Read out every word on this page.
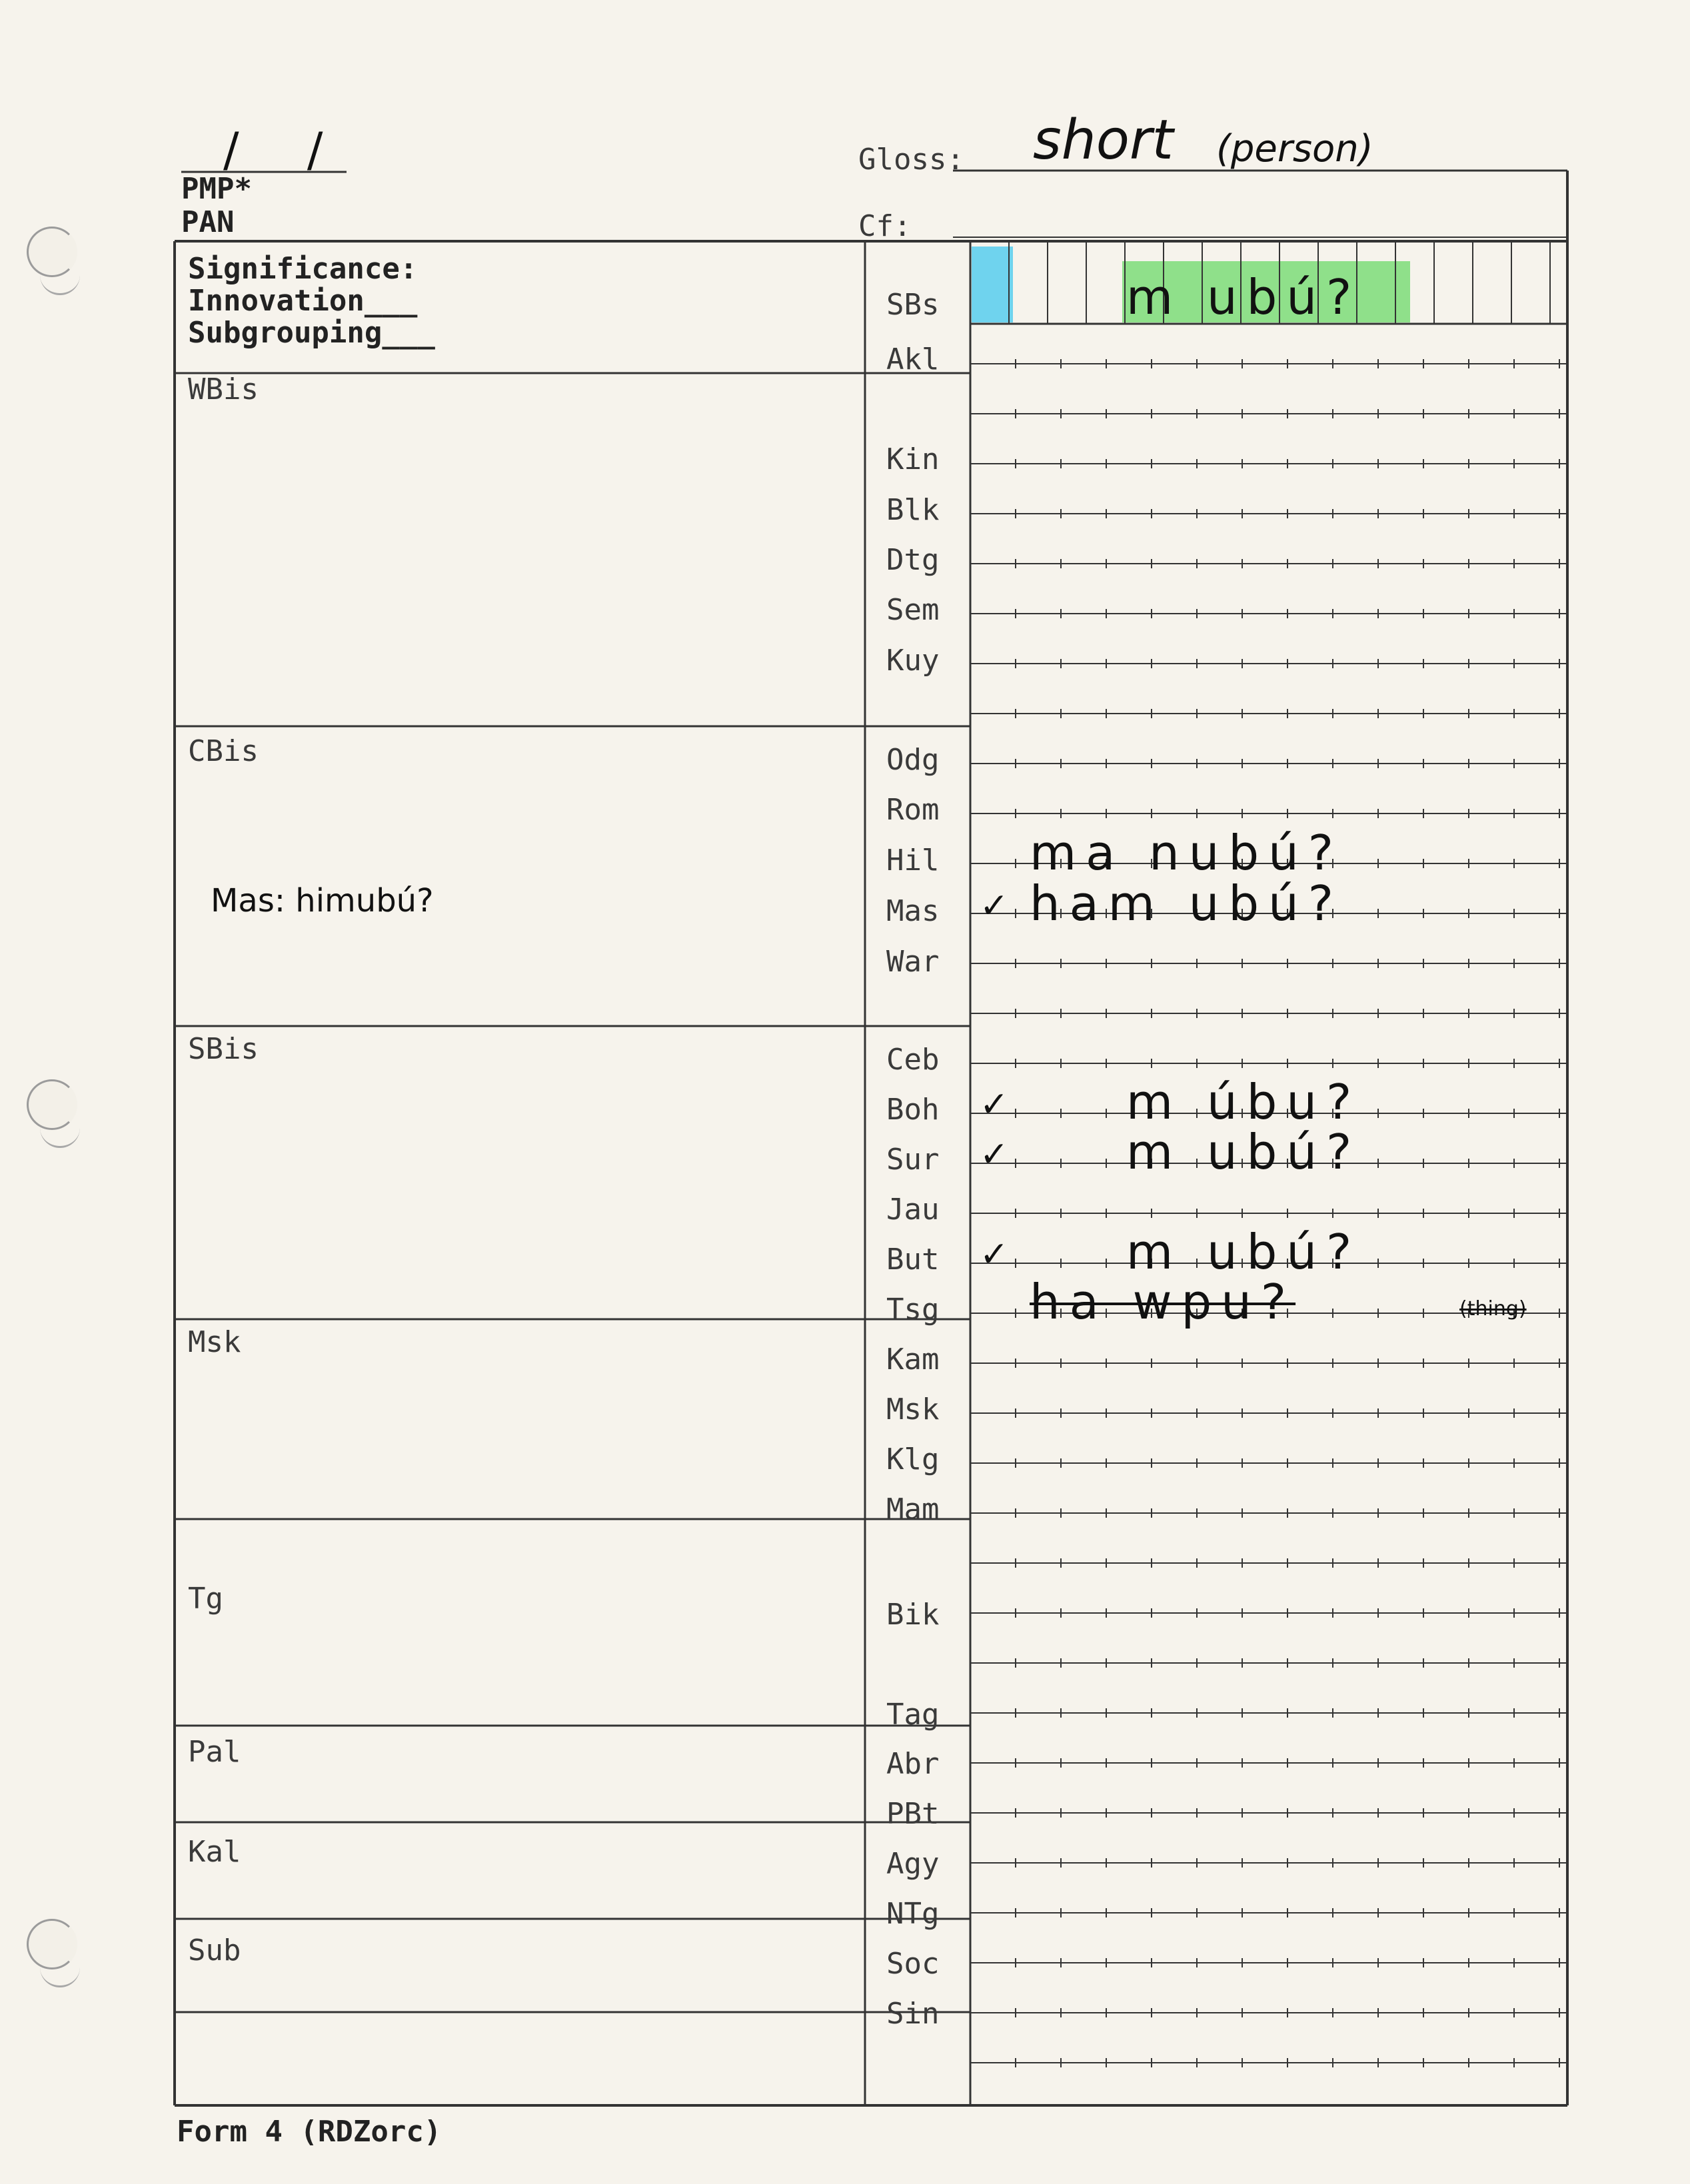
/ /
PMP*
PAN
Gloss: short (person)
Cf:
Significance:
Innovation___
Subgrouping___
WBis
CBis
Mas: himubú?
SBis
Msk
Tg
Pal
Kal
Sub
SBs	m ubú?
Akl
Kin
Blk
Dtg
Sem
Kuy
Odg
Rom
Hil ma nubú?
Mas ✓ ham ubú?
War
Ceb
Boh ✓ m úbu?
Sur ✓ m ubú?
Jau
But ✓ m ubú?
Tsg ha wpu?	(thing)
Kam
Msk
Klg
Mam
Bik
Tag
Abr
PBt
Agy
NTg
Soc
Sin
Form 4 (RDZorc)
